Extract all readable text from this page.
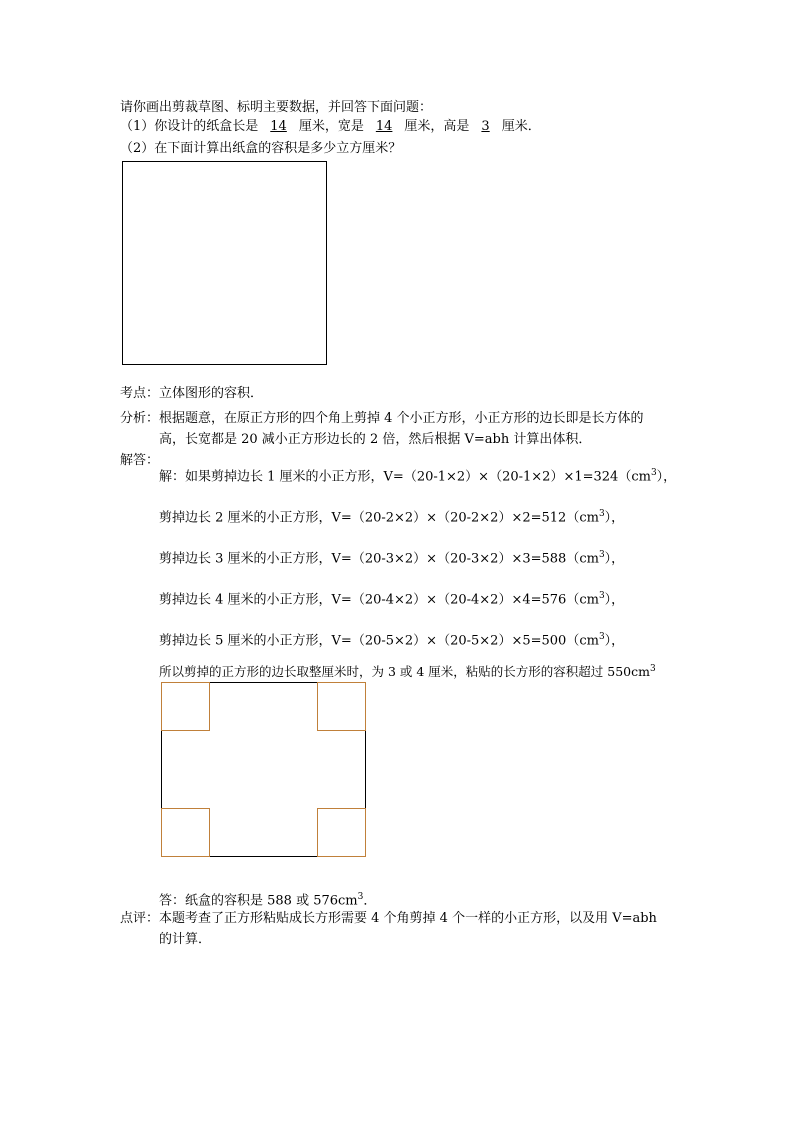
请你画出剪裁草图、标明主要数据，并回答下面问题：
（1）你设计的纸盒长是 14 厘米，宽是 14 厘米，高是 3 厘米．
（2）在下面计算出纸盒的容积是多少立方厘米？
考点： 立体图形的容积．
分析： 根据题意，在原正方形的四个角上剪掉 4 个小正方形，小正方形的边长即是长方体的
高，长宽都是 20 减小正方形边长的 2 倍，然后根据 V=abh 计算出体积．
解答：
解：如果剪掉边长 1 厘米的小正方形，$V=(20-1\times 2)\times(20-1\times 2)\times 1=324(cm^3)$，
剪掉边长 2 厘米的小正方形，$V=(20-2\times 2)\times(20-2\times 2)\times 2=512(cm^3)$，
剪掉边长 3 厘米的小正方形，$V=(20-3\times 2)\times(20-3\times 2)\times 3=588(cm^3)$，
剪掉边长 4 厘米的小正方形，$V=(20-4\times 2)\times(20-4\times 2)\times 4=576(cm^3)$，
剪掉边长 5 厘米的小正方形，$V=(20-5\times 2)\times(20-5\times 2)\times 5=500(cm^3)$，
所以剪掉的正方形的边长取整厘米时，为 3 或 4 厘米，粘贴的长方形的容积超过 $550cm^3$
答：纸盒的容积是 588 或 $576cm^3$．
点评： 本题考查了正方形粘贴成长方形需要 4 个角剪掉 4 个一样的小正方形，以及用 V=abh
的计算．
